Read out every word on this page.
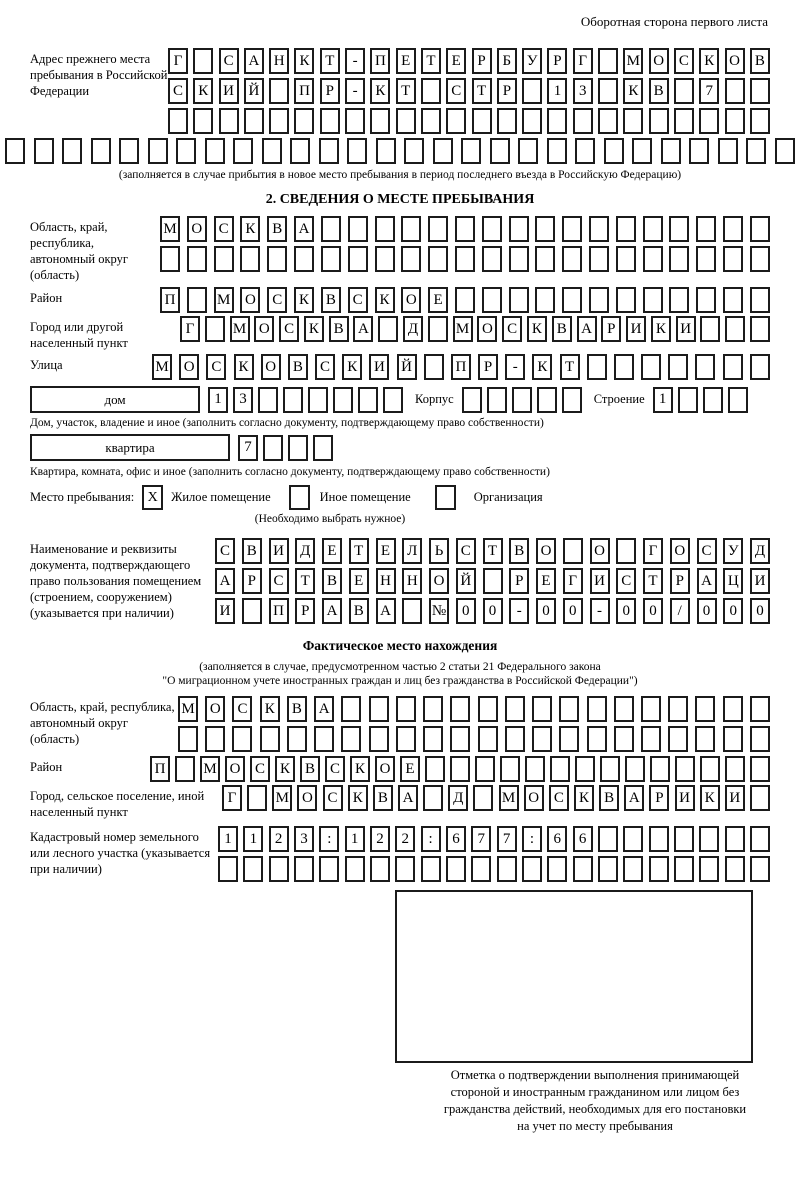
Оборотная сторона первого листа
Адрес прежнего места пребывания в Российской Федерации
Г	С А Н К	Т	-	П	Е	Т	Е	Р	Б	У	Р	Г	М О С	К О В
С	К И Й	П	Р	-	К	Т	С	Т	Р	1	3	К	В	7
(заполняется в случае прибытия в новое место пребывания в период последнего въезда в Российскую Федерацию)
2. СВЕДЕНИЯ О МЕСТЕ ПРЕБЫВАНИЯ
Область, край, республика, автономный округ (область)
М О	С	К	В	А
Район	П	М О	С	К	В	С	К	О	Е
Город или другой населенный пункт
Г	М О С К В А	Д	М О С К В А	Р	И К И
Улица	М	О	С	К	О	В	С	К	И	Й	П	Р	-	К	Т
дом	1	3	Корпус	Строение 1
Дом, участок, владение и иное (заполнить согласно документу, подтверждающему право собственности)
квартира	7
Квартира, комната, офис и иное (заполнить согласно документу, подтверждающему право собственности)
Место пребывания: X	Жилое помещение	Иное помещение	Организация
(Необходимо выбрать нужное)
Наименование и реквизиты документа, подтверждающего право пользования помещением (строением, сооружением) (указывается при наличии)
С	В	И	Д	Е	Т	Е	Л	Ь	С	Т	В	О	О	Г	О	С	У	Д
А	Р	С	Т	В	Е	Н	Н	О	Й	Р	Е	Г	И	С	Т	Р	А	Ц	И
И	П	Р	А	В	А	№	0	0	-	0	0	-	0	0	/	0	0	0
Фактическое место нахождения
(заполняется в случае, предусмотренном частью 2 статьи 21 Федерального закона
"О миграционном учете иностранных граждан и лиц без гражданства в Российской Федерации")
Область, край, республика, автономный округ (область)
М	О	С	К	В	А
Район	П	М О С К В С К О Е
Город, сельское поселение, иной населенный пункт
Г	М О С	К	В А	Д	М О С	К	В А	Р	И К И
Кадастровый номер земельного или лесного участка (указывается при наличии)
1	1	2	3	:	1	2	2	:	6	7	7	:	6	6
Отметка о подтверждении выполнения принимающей
стороной и иностранным гражданином или лицом без
гражданства действий, необходимых для его постановки
на учет по месту пребывания
